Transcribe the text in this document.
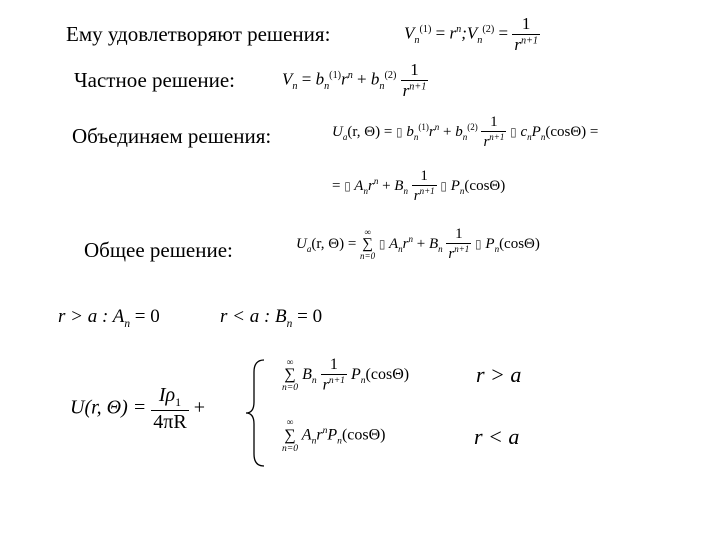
Ему удовлетворяют решения:	$V_n^{(1)}$ = $r^n;V_n^{(2)} = \frac{1}{r^{n+1}}$
Частное решение:	$V_n = b_n^{(1)}r^n + b_n^{(2)} \frac{1}{r^{n+1}}$
Объединяем решения:	$U_a(r$, Θ) = ▯ $b_n^{(1)}r^n + b_n^{(2)} \frac{1}{r^{n+1}}$ ▯ $c_nP_n(\cos\Theta)$ =
= ▯ $A_nr^n + B_n \frac{1}{r^{n+1}}$ ▯ $P_n(\cos\Theta)$
Общее решение:	$U_a(r$, Θ) =
∞
∑
n=0
▯ $A_nr^n + B_n \frac{1}{r^{n+1}}$ ▯ $P_n(\cos\Theta)$
r > a : $A_n = 0$	r < a : $B_n = 0$
U(r, $\Theta) = \frac{I\rho_1}{4\pi R}$ +
∞
∑
n=0
$B_n \frac{1}{r^{n+1}} P_n(\cos\Theta)$	r > a
∞
∑
n=0
$A_nr^nP_n(\cos\Theta)$	r < a
